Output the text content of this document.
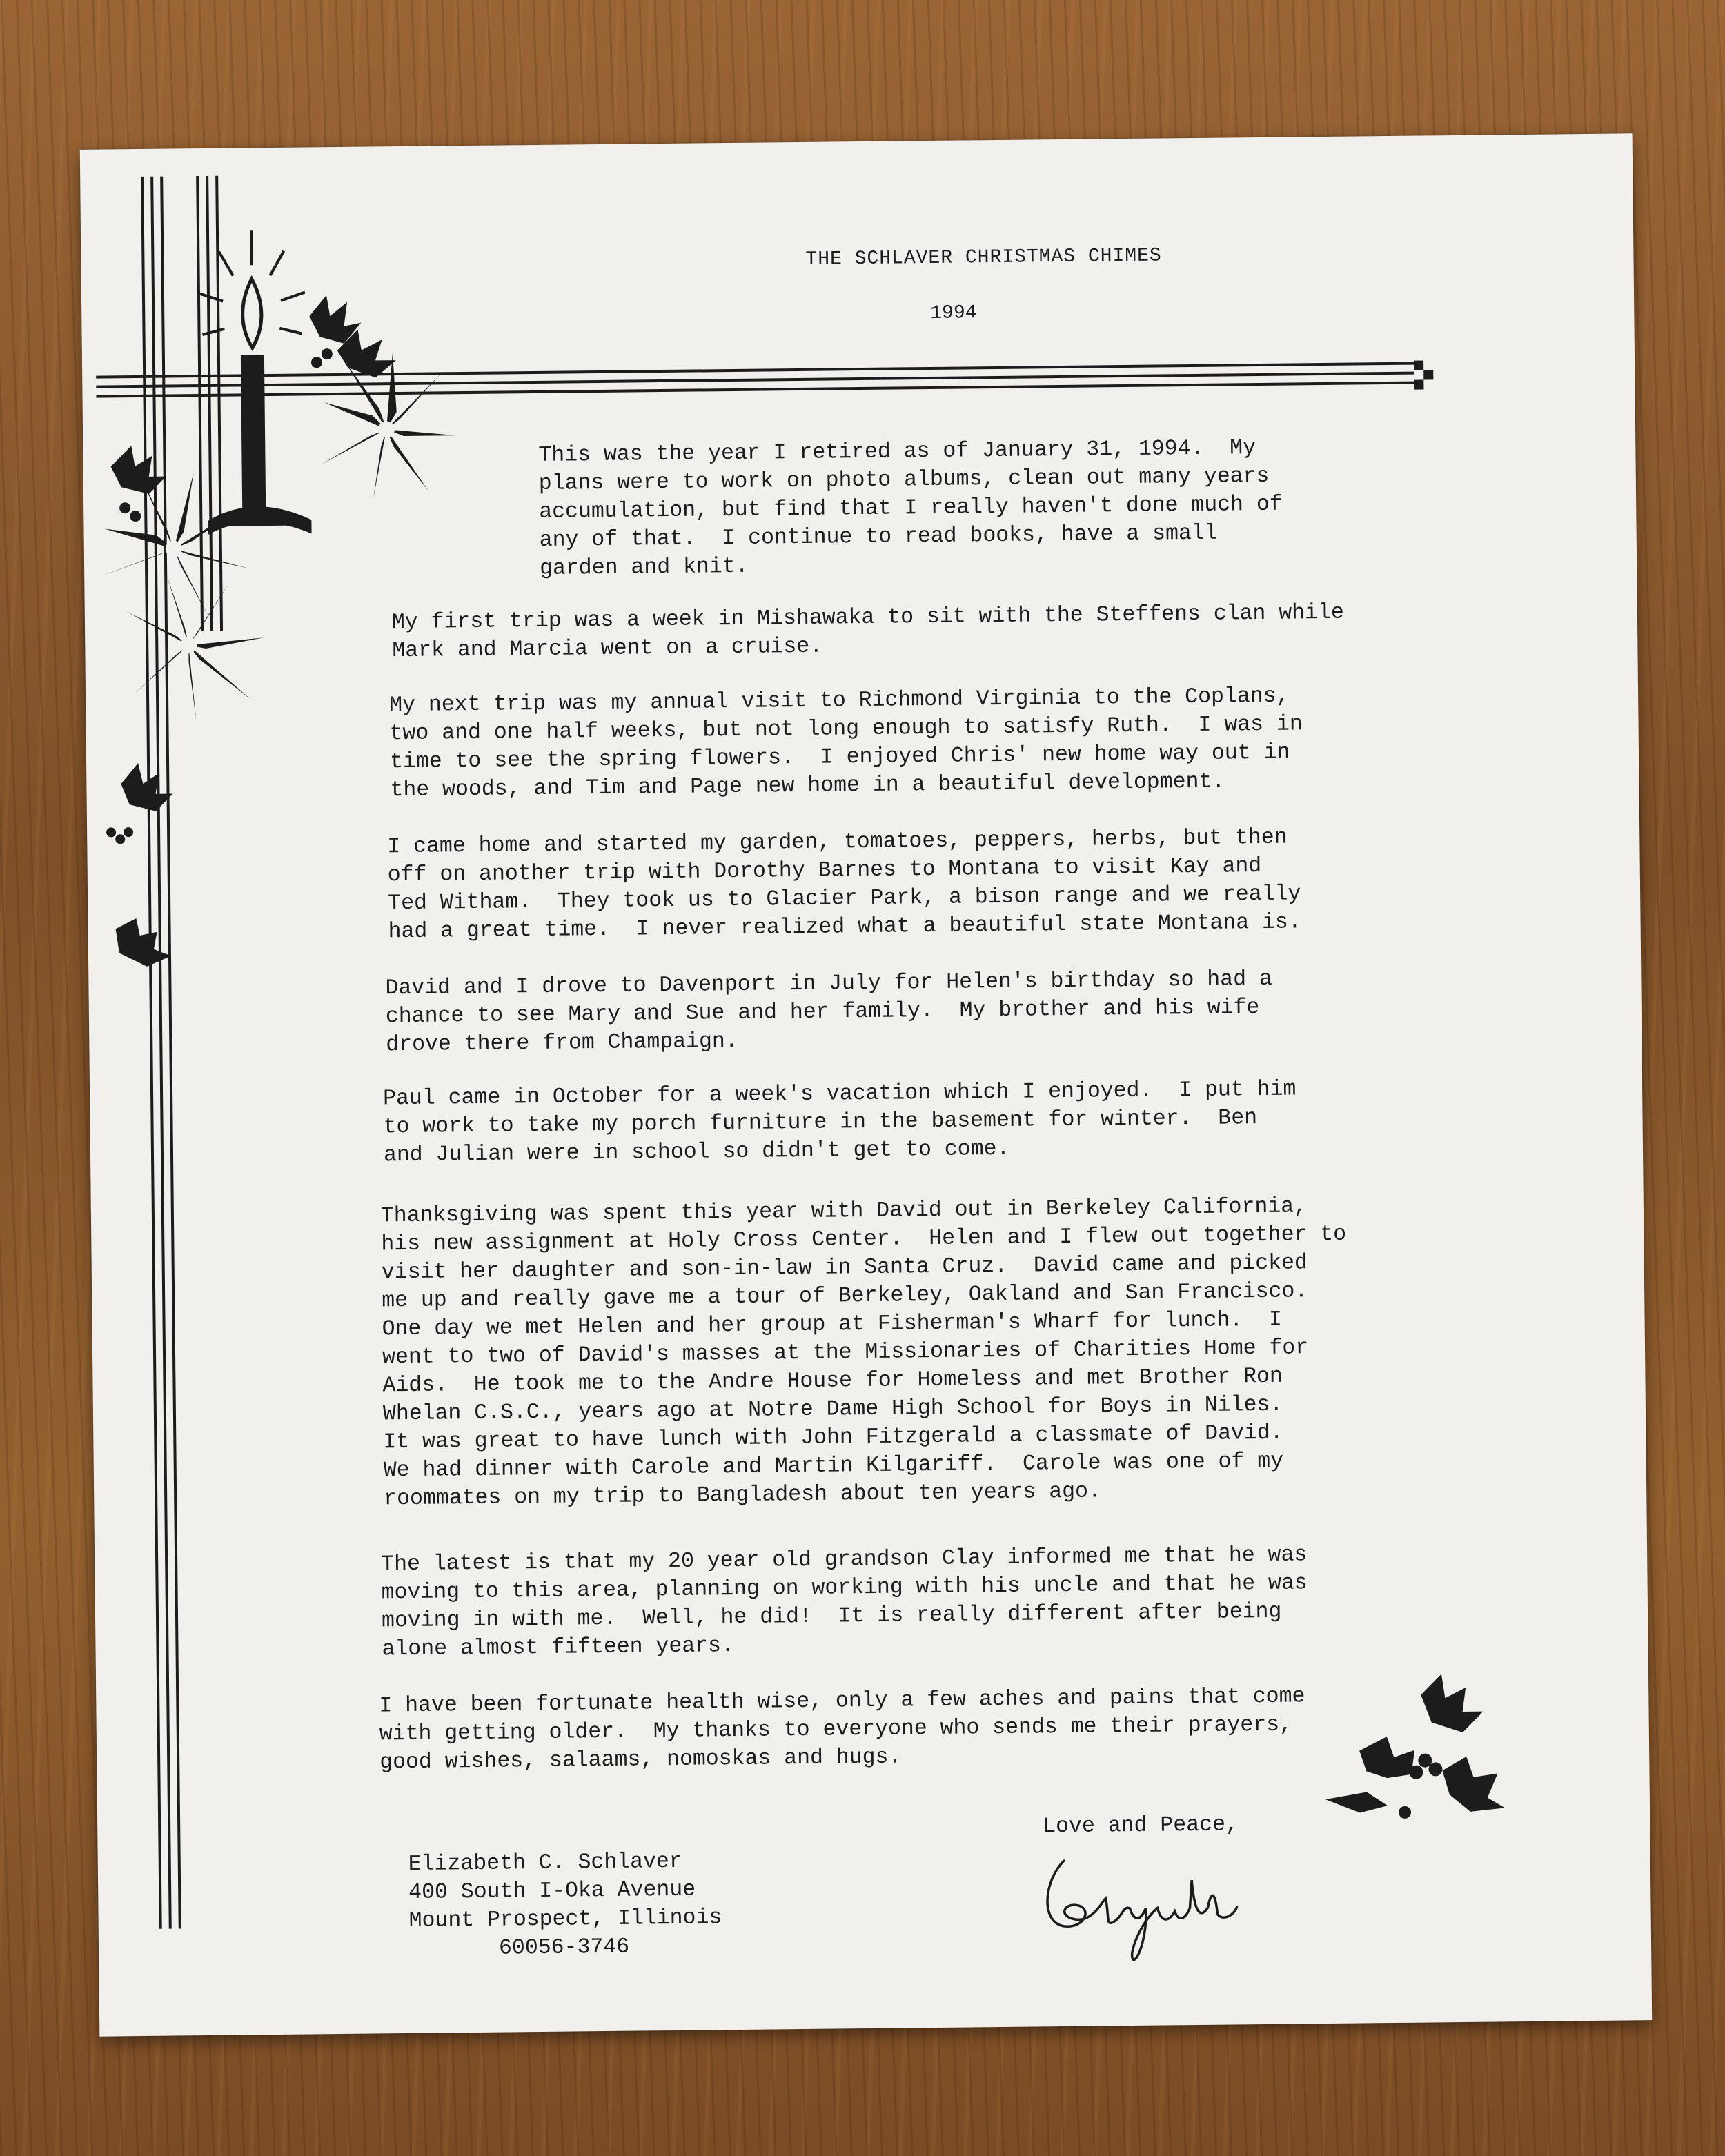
THE SCHLAVER CHRISTMAS CHIMES
1994
This was the year I retired as of January 31, 1994.  My
plans were to work on photo albums, clean out many years
accumulation, but find that I really haven't done much of
any of that.  I continue to read books, have a small
garden and knit.
My first trip was a week in Mishawaka to sit with the Steffens clan while
Mark and Marcia went on a cruise.
My next trip was my annual visit to Richmond Virginia to the Coplans,
two and one half weeks, but not long enough to satisfy Ruth.  I was in
time to see the spring flowers.  I enjoyed Chris' new home way out in
the woods, and Tim and Page new home in a beautiful development.
I came home and started my garden, tomatoes, peppers, herbs, but then
off on another trip with Dorothy Barnes to Montana to visit Kay and
Ted Witham.  They took us to Glacier Park, a bison range and we really
had a great time.  I never realized what a beautiful state Montana is.
David and I drove to Davenport in July for Helen's birthday so had a
chance to see Mary and Sue and her family.  My brother and his wife
drove there from Champaign.
Paul came in October for a week's vacation which I enjoyed.  I put him
to work to take my porch furniture in the basement for winter.  Ben
and Julian were in school so didn't get to come.
Thanksgiving was spent this year with David out in Berkeley California,
his new assignment at Holy Cross Center.  Helen and I flew out together to
visit her daughter and son-in-law in Santa Cruz.  David came and picked
me up and really gave me a tour of Berkeley, Oakland and San Francisco.
One day we met Helen and her group at Fisherman's Wharf for lunch.  I
went to two of David's masses at the Missionaries of Charities Home for
Aids.  He took me to the Andre House for Homeless and met Brother Ron
Whelan C.S.C., years ago at Notre Dame High School for Boys in Niles.
It was great to have lunch with John Fitzgerald a classmate of David.
We had dinner with Carole and Martin Kilgariff.  Carole was one of my
roommates on my trip to Bangladesh about ten years ago.
The latest is that my 20 year old grandson Clay informed me that he was
moving to this area, planning on working with his uncle and that he was
moving in with me.  Well, he did!  It is really different after being
alone almost fifteen years.
I have been fortunate health wise, only a few aches and pains that come
with getting older.  My thanks to everyone who sends me their prayers,
good wishes, salaams, nomoskas and hugs.
Love and Peace,
Elizabeth C. Schlaver
400 South I-Oka Avenue
Mount Prospect, Illinois
60056-3746
